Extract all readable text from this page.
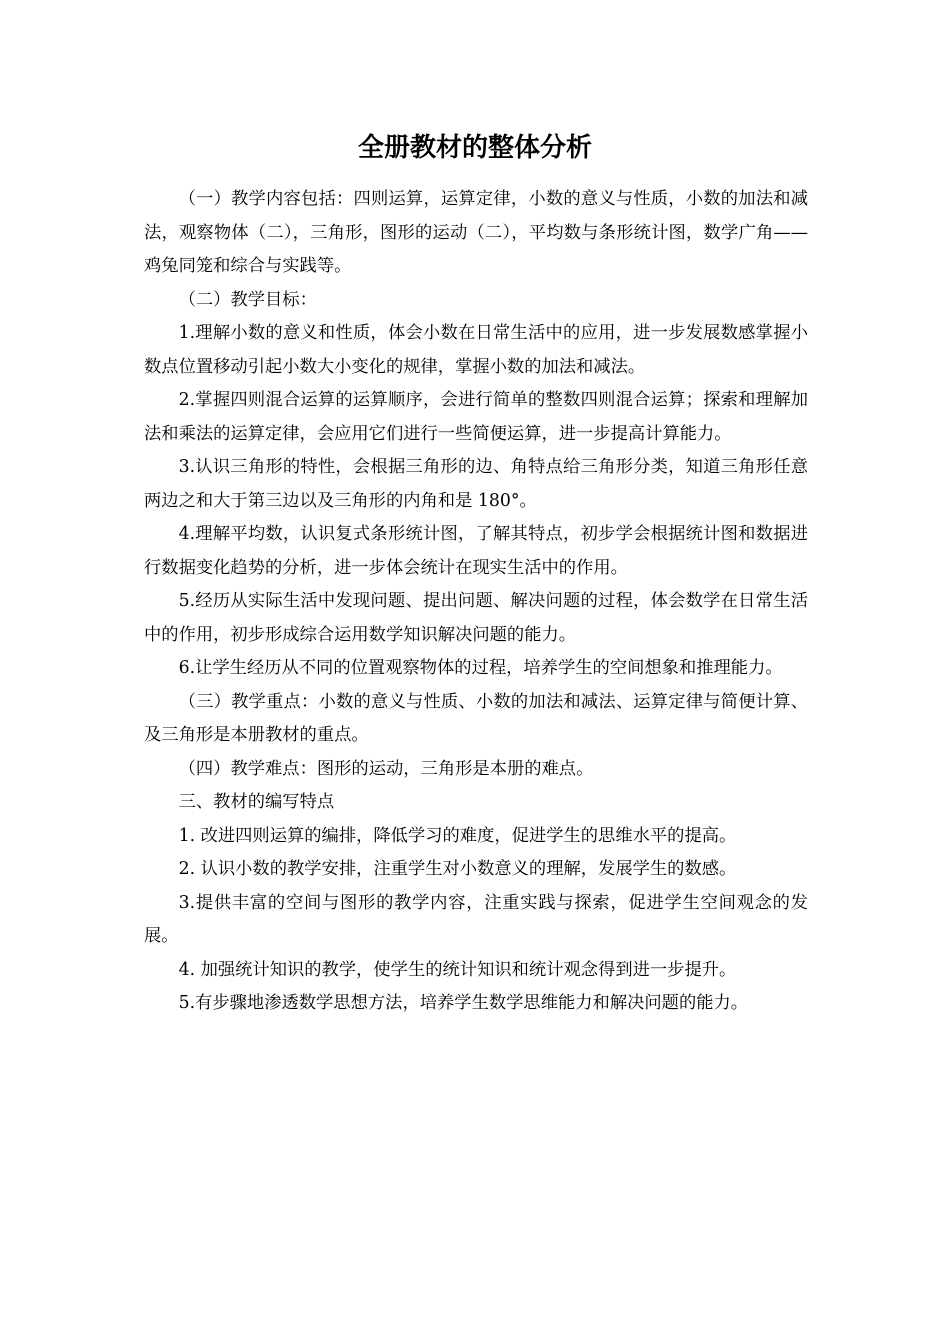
全册教材的整体分析

（一）教学内容包括：四则运算，运算定律，小数的意义与性质，小数的加法和减法，观察物体（二），三角形，图形的运动（二），平均数与条形统计图，数学广角——鸡兔同笼和综合与实践等。

（二）教学目标：

1.理解小数的意义和性质，体会小数在日常生活中的应用，进一步发展数感掌握小数点位置移动引起小数大小变化的规律，掌握小数的加法和减法。

2.掌握四则混合运算的运算顺序，会进行简单的整数四则混合运算；探索和理解加法和乘法的运算定律，会应用它们进行一些简便运算，进一步提高计算能力。

3.认识三角形的特性，会根据三角形的边、角特点给三角形分类，知道三角形任意两边之和大于第三边以及三角形的内角和是 180°。

4.理解平均数，认识复式条形统计图，了解其特点，初步学会根据统计图和数据进行数据变化趋势的分析，进一步体会统计在现实生活中的作用。

5.经历从实际生活中发现问题、提出问题、解决问题的过程，体会数学在日常生活中的作用，初步形成综合运用数学知识解决问题的能力。

6.让学生经历从不同的位置观察物体的过程，培养学生的空间想象和推理能力。

（三）教学重点：小数的意义与性质、小数的加法和减法、运算定律与简便计算、及三角形是本册教材的重点。

（四）教学难点：图形的运动，三角形是本册的难点。

三、教材的编写特点

1. 改进四则运算的编排，降低学习的难度，促进学生的思维水平的提高。

2. 认识小数的教学安排，注重学生对小数意义的理解，发展学生的数感。

3.提供丰富的空间与图形的教学内容，注重实践与探索，促进学生空间观念的发展。

4. 加强统计知识的教学，使学生的统计知识和统计观念得到进一步提升。

5.有步骤地渗透数学思想方法，培养学生数学思维能力和解决问题的能力。
